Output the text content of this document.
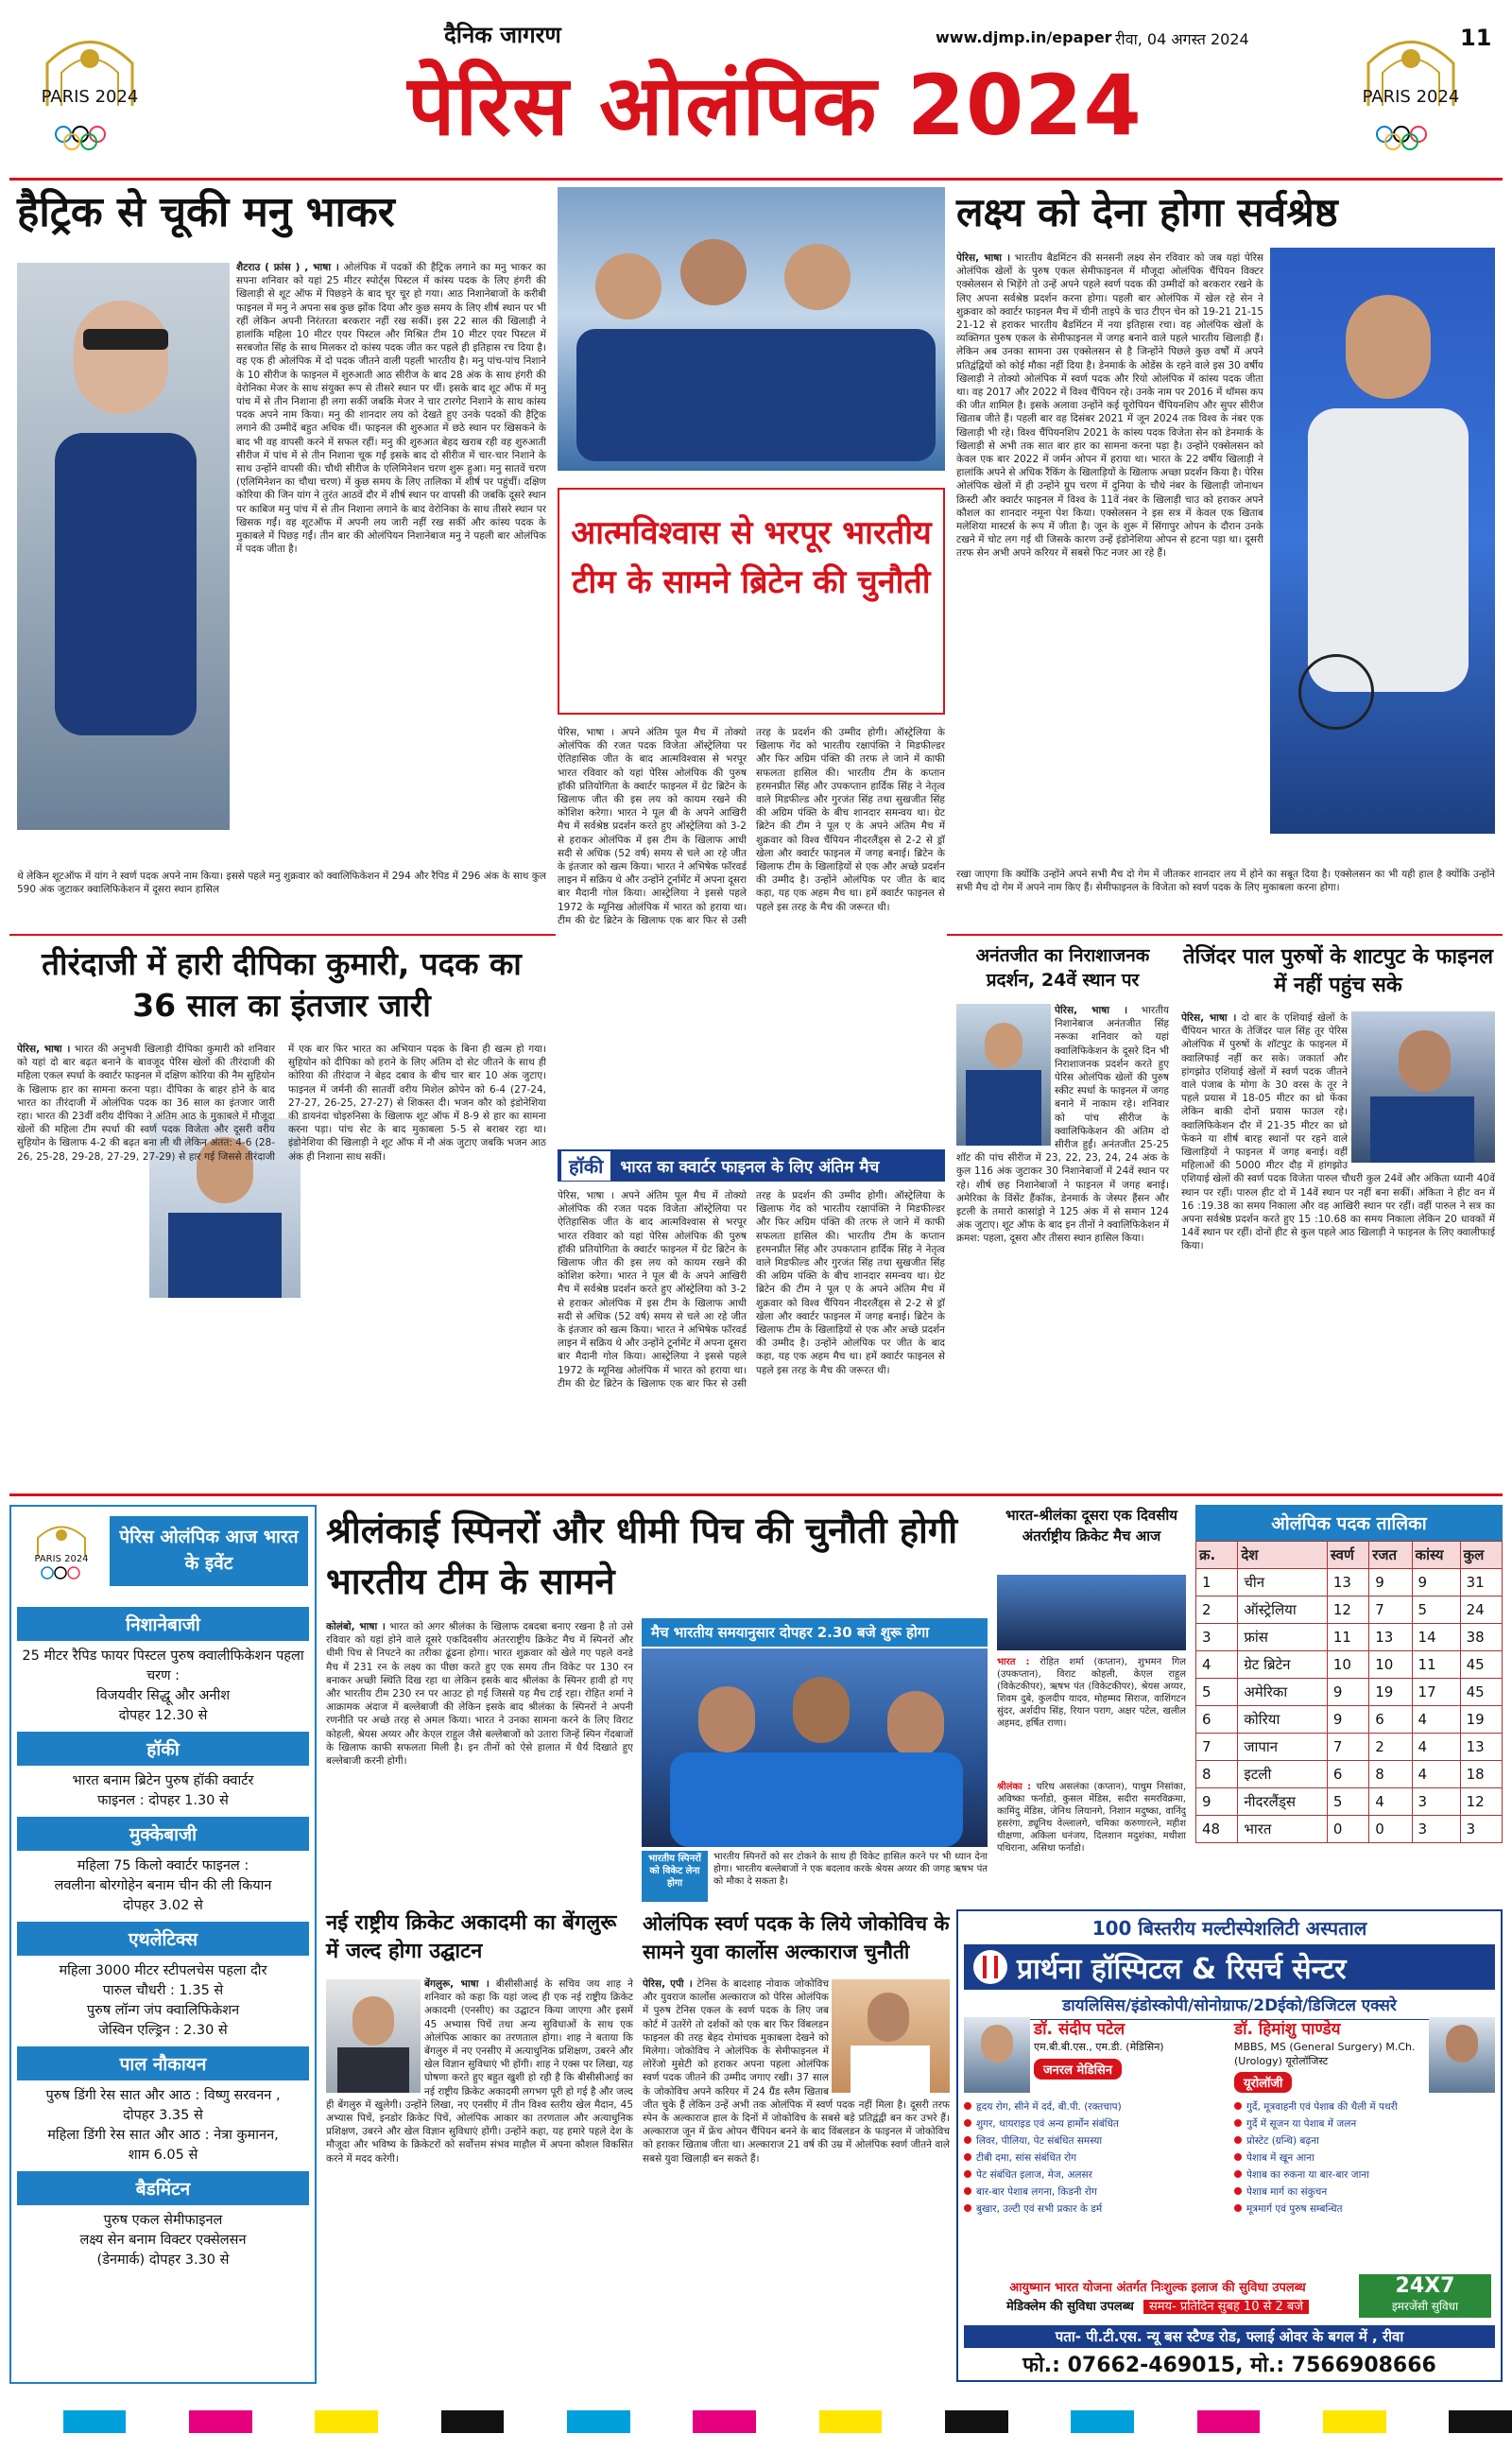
PARIS 2024	PARIS 2024
दैनिक जागरण
पेरिस ओलंपिक 2024
www.djmp.in/epaper रीवा, 04 अगस्त 2024	11
हैट्रिक से चूकी मनु भाकर
शैटराउ ( फ्रांस ) , भाषा । ओलंपिक में पदकों की हैट्रिक लगाने का मनु भाकर का सपना शनिवार को यहां 25 मीटर स्पोर्ट्स पिस्टल में कांस्य पदक के लिए हंगरी की खिलाड़ी से शूट ऑफ में पिछड़ने के बाद चूर चूर हो गया। आठ निशानेबाजों के करीबी फाइनल में मनु ने अपना सब कुछ झोंक दिया और कुछ समय के लिए शीर्ष स्थान पर भी रहीं लेकिन अपनी निरंतरता बरकरार नहीं रख सकीं। इस 22 साल की खिलाड़ी ने हालांकि महिला 10 मीटर एयर पिस्टल और मिश्रित टीम 10 मीटर एयर पिस्टल में सरबजोत सिंह के साथ मिलकर दो कांस्य पदक जीत कर पहले ही इतिहास रच दिया है। वह एक ही ओलंपिक में दो पदक जीतने वाली पहली भारतीय है। मनु पांच-पांच निशाने के 10 सीरीज के फाइनल में शुरुआती आठ सीरीज के बाद 28 अंक के साथ हंगरी की वेरोनिका मेजर के साथ संयुक्त रूप से तीसरे स्थान पर थीं। इसके बाद शूट ऑफ में मनु पांच में से तीन निशाना ही लगा सकीं जबकि मेजर ने चार टारगेट निशाने के साथ कांस्य पदक अपने नाम किया। मनु की शानदार लय को देखते हुए उनके पदकों की हैट्रिक लगाने की उम्मीदें बहुत अधिक थीं। फाइनल की शुरुआत में छठे स्थान पर खिसकने के बाद भी वह वापसी करने में सफल रहीं। मनु की शुरुआत बेहद खराब रही वह शुरुआती सीरीज में पांच में से तीन निशाना चूक गईं इसके बाद दो सीरीज में चार-चार निशाने के साथ उन्होंने वापसी की। चौथी सीरीज के एलिमिनेशन चरण शुरू हुआ। मनु सातवें चरण (एलिमिनेशन का चौथा चरण) में कुछ समय के लिए तालिका में शीर्ष पर पहुंचीं। दक्षिण कोरिया की जिन यांग ने तुरंत आठवें दौर में शीर्ष स्थान पर वापसी की जबकि दूसरे स्थान पर काबिज मनु पांच में से तीन निशाना लगाने के बाद वेरोनिका के साथ तीसरे स्थान पर खिसक गईं। वह शूटऑफ में अपनी लय जारी नहीं रख सकीं और कांस्य पदक के मुकाबले में पिछड़ गईं। तीन बार की ओलंपियन निशानेबाज मनु ने पहली बार ओलंपिक में पदक जीता है।
थे लेकिन शूटऑफ में यांग ने स्वर्ण पदक अपने नाम किया। इससे पहले मनु शुक्रवार को क्वालिफिकेशन में 294 और रैपिड में 296 अंक के साथ कुल 590 अंक जुटाकर क्वालिफिकेशन में दूसरा स्थान हासिल
आत्मविश्वास से भरपूर भारतीय टीम के सामने ब्रिटेन की चुनौती
पेरिस, भाषा । अपने अंतिम पूल मैच में तोक्यो ओलंपिक की रजत पदक विजेता ऑस्ट्रेलिया पर ऐतिहासिक जीत के बाद आत्मविश्वास से भरपूर भारत रविवार को यहां पेरिस ओलंपिक की पुरुष हॉकी प्रतियोगिता के क्वार्टर फाइनल में ग्रेट ब्रिटेन के खिलाफ जीत की इस लय को कायम रखने की कोशिश करेगा। भारत ने पूल बी के अपने आखिरी मैच में सर्वश्रेष्ठ प्रदर्शन करते हुए ऑस्ट्रेलिया को 3-2 से हराकर ओलंपिक में इस टीम के खिलाफ आधी सदी से अधिक (52 वर्ष) समय से चले आ रहे जीत के इंतजार को खत्म किया। भारत ने अभिषेक फॉरवर्ड लाइन में सक्रिय थे और उन्होंने टूर्नामेंट में अपना दूसरा बार मैदानी गोल किया। आस्ट्रेलिया ने इससे पहले 1972 के म्यूनिख ओलंपिक में भारत को हराया था। टीम की ग्रेट ब्रिटेन के खिलाफ एक बार फिर से उसी तरह के प्रदर्शन की उम्मीद होगी। ऑस्ट्रेलिया के खिलाफ गेंद को भारतीय रक्षापंक्ति ने मिडफील्डर और फिर अग्रिम पंक्ति की तरफ ले जाने में काफी सफलता हासिल की। भारतीय टीम के कप्तान हरमनप्रीत सिंह और उपकप्तान हार्दिक सिंह ने नेतृत्व वाले मिडफील्ड और गुरजंत सिंह तथा सुखजीत सिंह की अग्रिम पंक्ति के बीच शानदार समन्वय था। ग्रेट ब्रिटेन की टीम ने पूल ए के अपने अंतिम मैच में शुक्रवार को विश्व चैंपियन नीदरलैंड्स से 2-2 से ड्रॉ खेला और क्वार्टर फाइनल में जगह बनाई। ब्रिटेन के खिलाफ टीम के खिलाड़ियों से एक और अच्छे प्रदर्शन की उम्मीद है। उन्होंने ओलंपिक पर जीत के बाद कहा, यह एक अहम मैच था। हमें क्वार्टर फाइनल से पहले इस तरह के मैच की जरूरत थी।
हॉकी	भारत का क्वार्टर फाइनल के लिए अंतिम मैच
पेरिस, भाषा । अपने अंतिम पूल मैच में तोक्यो ओलंपिक की रजत पदक विजेता ऑस्ट्रेलिया पर ऐतिहासिक जीत के बाद आत्मविश्वास से भरपूर भारत रविवार को यहां पेरिस ओलंपिक की पुरुष हॉकी प्रतियोगिता के क्वार्टर फाइनल में ग्रेट ब्रिटेन के खिलाफ जीत की इस लय को कायम रखने की कोशिश करेगा। भारत ने पूल बी के अपने आखिरी मैच में सर्वश्रेष्ठ प्रदर्शन करते हुए ऑस्ट्रेलिया को 3-2 से हराकर ओलंपिक में इस टीम के खिलाफ आधी सदी से अधिक (52 वर्ष) समय से चले आ रहे जीत के इंतजार को खत्म किया। भारत ने अभिषेक फॉरवर्ड लाइन में सक्रिय थे और उन्होंने टूर्नामेंट में अपना दूसरा बार मैदानी गोल किया। आस्ट्रेलिया ने इससे पहले 1972 के म्यूनिख ओलंपिक में भारत को हराया था। टीम की ग्रेट ब्रिटेन के खिलाफ एक बार फिर से उसी तरह के प्रदर्शन की उम्मीद होगी। ऑस्ट्रेलिया के खिलाफ गेंद को भारतीय रक्षापंक्ति ने मिडफील्डर और फिर अग्रिम पंक्ति की तरफ ले जाने में काफी सफलता हासिल की। भारतीय टीम के कप्तान हरमनप्रीत सिंह और उपकप्तान हार्दिक सिंह ने नेतृत्व वाले मिडफील्ड और गुरजंत सिंह तथा सुखजीत सिंह की अग्रिम पंक्ति के बीच शानदार समन्वय था। ग्रेट ब्रिटेन की टीम ने पूल ए के अपने अंतिम मैच में शुक्रवार को विश्व चैंपियन नीदरलैंड्स से 2-2 से ड्रॉ खेला और क्वार्टर फाइनल में जगह बनाई। ब्रिटेन के खिलाफ टीम के खिलाड़ियों से एक और अच्छे प्रदर्शन की उम्मीद है। उन्होंने ओलंपिक पर जीत के बाद कहा, यह एक अहम मैच था। हमें क्वार्टर फाइनल से पहले इस तरह के मैच की जरूरत थी।
लक्ष्य को देना होगा सर्वश्रेष्ठ
पेरिस, भाषा । भारतीय बैडमिंटन की सनसनी लक्ष्य सेन रविवार को जब यहां पेरिस ओलंपिक खेलों के पुरुष एकल सेमीफाइनल में मौजूदा ओलंपिक चैंपियन विक्टर एक्सेलसन से भिड़ेंगे तो उन्हें अपने पहले स्वर्ण पदक की उम्मीदों को बरकरार रखने के लिए अपना सर्वश्रेष्ठ प्रदर्शन करना होगा। पहली बार ओलंपिक में खेल रहे सेन ने शुक्रवार को क्वार्टर फाइनल मैच में चीनी ताइपे के चाउ टीएन चेन को 19-21 21-15 21-12 से हराकर भारतीय बैडमिंटन में नया इतिहास रचा। वह ओलंपिक खेलों के व्यक्तिगत पुरुष एकल के सेमीफाइनल में जगह बनाने वाले पहले भारतीय खिलाड़ी हैं। लेकिन अब उनका सामना उस एक्सेलसन से है जिन्होंने पिछले कुछ वर्षों में अपने प्रतिद्वंद्वियों को कोई मौका नहीं दिया है। डेनमार्क के ओडेंस के रहने वाले इस 30 वर्षीय खिलाड़ी ने तोक्यो ओलंपिक में स्वर्ण पदक और रियो ओलंपिक में कांस्य पदक जीता था। वह 2017 और 2022 में विश्व चैंपियन रहे। उनके नाम पर 2016 में थॉमस कप की जीत शामिल है। इसके अलावा उन्होंने कई यूरोपियन चैंपियनशिप और सुपर सीरीज खिताब जीते हैं। पहली बार वह दिसंबर 2021 में जून 2024 तक विश्व के नंबर एक खिलाड़ी भी रहे। विश्व चैंपियनशिप 2021 के कांस्य पदक विजेता सेन को डेनमार्क के खिलाड़ी से अभी तक सात बार हार का सामना करना पड़ा है। उन्होंने एक्सेलसन को केवल एक बार 2022 में जर्मन ओपन में हराया था। भारत के 22 वर्षीय खिलाड़ी ने हालांकि अपने से अधिक रैंकिंग के खिलाड़ियों के खिलाफ अच्छा प्रदर्शन किया है। पेरिस ओलंपिक खेलों में ही उन्होंने ग्रुप चरण में दुनिया के चौथे नंबर के खिलाड़ी जोनाथन क्रिस्टी और क्वार्टर फाइनल में विश्व के 11वें नंबर के खिलाड़ी चाउ को हराकर अपने कौशल का शानदार नमूना पेश किया। एक्सेलसन ने इस सत्र में केवल एक खिताब मलेशिया मास्टर्स के रूप में जीता है। जून के शुरू में सिंगापुर ओपन के दौरान उनके टखने में चोट लग गई थी जिसके कारण उन्हें इंडोनेशिया ओपन से हटना पड़ा था। दूसरी तरफ सेन अभी अपने करियर में सबसे फिट नजर आ रहे हैं।
रखा जाएगा कि क्योंकि उन्होंने अपने सभी मैच दो गेम में जीतकर शानदार लय में होने का सबूत दिया है। एक्सेलसन का भी यही हाल है क्योंकि उन्होंने सभी मैच दो गेम में अपने नाम किए हैं। सेमीफाइनल के विजेता को स्वर्ण पदक के लिए मुकाबला करना होगा।
तीरंदाजी में हारी दीपिका कुमारी, पदक का 36 साल का इंतजार जारी
पेरिस, भाषा । भारत की अनुभवी खिलाड़ी दीपिका कुमारी को शनिवार को यहां दो बार बढ़त बनाने के बावजूद पेरिस खेलों की तीरंदाजी की महिला एकल स्पर्धा के क्वार्टर फाइनल में दक्षिण कोरिया की नैम सुहियोन के खिलाफ हार का सामना करना पड़ा। दीपिका के बाहर होने के बाद भारत का तीरंदाजी में ओलंपिक पदक का 36 साल का इंतजार जारी रहा। भारत की 23वीं वरीय दीपिका ने अंतिम आठ के मुकाबले में मौजूदा खेलों की महिला टीम स्पर्धा की स्वर्ण पदक विजेता और दूसरी वरीय सुहियोन के खिलाफ 4-2 की बढ़त बना ली थी लेकिन अंतत: 4-6 (28-26, 25-28, 29-28, 27-29, 27-29) से हार गई जिससे तीरंदाजी में एक बार फिर भारत का अभियान पदक के बिना ही खत्म हो गया। सुहियोन को दीपिका को हराने के लिए अंतिम दो सेट जीतने के साथ ही कोरिया की तीरंदाज ने बेहद दबाव के बीच चार बार 10 अंक जुटाए। फाइनल में जर्मनी की सातवीं वरीय मिशेल क्रोपेन को 6-4 (27-24, 27-27, 26-25, 27-27) से शिकस्त दी। भजन कौर को इंडोनेशिया की डायनंदा चोइरुनिसा के खिलाफ शूट ऑफ में 8-9 से हार का सामना करना पड़ा। पांच सेट के बाद मुकाबला 5-5 से बराबर रहा था। इंडोनेशिया की खिलाड़ी ने शूट ऑफ में नौ अंक जुटाए जबकि भजन आठ अंक ही निशाना साध सकीं।
अनंतजीत का निराशाजनक प्रदर्शन, 24वें स्थान पर
पेरिस, भाषा । भारतीय निशानेबाज अनंतजीत सिंह नरूका शनिवार को यहां क्वालिफिकेशन के दूसरे दिन भी निराशाजनक प्रदर्शन करते हुए पेरिस ओलंपिक खेलों की पुरुष स्कीट स्पर्धा के फाइनल में जगह बनाने में नाकाम रहे। शनिवार को पांच सीरीज के क्वालिफिकेशन की अंतिम दो सीरीज हुईं। अनंतजीत 25-25 शॉट की पांच सीरीज में 23, 22, 23, 24, 24 अंक के कुल 116 अंक जुटाकर 30 निशानेबाजों में 24वें स्थान पर रहे। शीर्ष छह निशानेबाजों ने फाइनल में जगह बनाई। अमेरिका के विंसेंट हैंकॉक, डेनमार्क के जेस्पर हैंसन और इटली के तमारो कासांड्रो ने 125 अंक में से समान 124 अंक जुटाए। शूट ऑफ के बाद इन तीनों ने क्वालिफिकेशन में क्रमश: पहला, दूसरा और तीसरा स्थान हासिल किया।
तेजिंदर पाल पुरुषों के शाटपुट के फाइनल में नहीं पहुंच सके
पेरिस, भाषा । दो बार के एशियाई खेलों के चैंपियन भारत के तेजिंदर पाल सिंह तूर पेरिस ओलंपिक में पुरुषों के शॉटपुट के फाइनल में क्वालिफाई नहीं कर सके। जकार्ता और हांगझोउ एशियाई खेलों में स्वर्ण पदक जीतने वाले पंजाब के मोगा के 30 वरस के तूर ने पहले प्रयास में 18-05 मीटर का थ्रो फेंका लेकिन बाकी दोनों प्रयास फाउल रहे। क्वालिफिकेशन दौर में 21-35 मीटर का थ्रो फेंकने या शीर्ष बारह स्थानों पर रहने वाले खिलाड़ियों ने फाइनल में जगह बनाई। वहीं महिलाओं की 5000 मीटर दौड़ में हांगझोउ एशियाई खेलों की स्वर्ण पदक विजेता पारुल चौधरी कुल 24वें और अंकिता ध्यानी 40वें स्थान पर रहीं। पारुल हीट दो में 14वें स्थान पर नहीं बना सकीं। अंकिता ने हीट वन में 16 :19.38 का समय निकाला और वह आखिरी स्थान पर रहीं। वहीं पारुल ने सत्र का अपना सर्वश्रेष्ठ प्रदर्शन करते हुए 15 :10.68 का समय निकाला लेकिन 20 धावकों में 14वें स्थान पर रहीं। दोनों हीट से कुल पहले आठ खिलाड़ी ने फाइनल के लिए क्वालीफाई किया।
PARIS 2024
पेरिस ओलंपिक आज भारत के इवेंट
निशानेबाजी
25 मीटर रैपिड फायर पिस्टल पुरुष क्वालीफिकेशन पहला चरण :
विजयवीर सिद्धू और अनीश
दोपहर 12.30 से
हॉकी
भारत बनाम ब्रिटेन पुरुष हॉकी क्वार्टर
फाइनल : दोपहर 1.30 से
मुक्केबाजी
महिला 75 किलो क्वार्टर फाइनल :
लवलीना बोरगोहेन बनाम चीन की ली कियान
दोपहर 3.02 से
एथलेटिक्स
महिला 3000 मीटर स्टीपलचेस पहला दौर
पारुल चौधरी : 1.35 से
पुरुष लॉन्ग जंप क्वालिफिकेशन
जेस्विन एल्ड्रिन : 2.30 से
पाल नौकायन
पुरुष डिंगी रेस सात और आठ : विष्णु सरवनन ,
दोपहर 3.35 से
महिला डिंगी रेस सात और आठ : नेत्रा कुमानन,
शाम 6.05 से
बैडमिंटन
पुरुष एकल सेमीफाइनल
लक्ष्य सेन बनाम विक्टर एक्सेलसन
(डेनमार्क) दोपहर 3.30 से
श्रीलंकाई स्पिनरों और धीमी पिच की चुनौती होगी भारतीय टीम के सामने
कोलंबो, भाषा । भारत को अगर श्रीलंका के खिलाफ दबदबा बनाए रखना है तो उसे रविवार को यहां होने वाले दूसरे एकदिवसीय अंतरराष्ट्रीय क्रिकेट मैच में स्पिनरों और धीमी पिच से निपटने का तरीका ढूंढना होगा। भारत शुक्रवार को खेले गए पहले वनडे मैच में 231 रन के लक्ष्य का पीछा करते हुए एक समय तीन विकेट पर 130 रन बनाकर अच्छी स्थिति दिख रहा था लेकिन इसके बाद श्रीलंका के स्पिनर हावी हो गए और भारतीय टीम 230 रन पर आउट हो गई जिससे यह मैच टाई रहा। रोहित शर्मा ने आक्रामक अंदाज में बल्लेबाजी की लेकिन इसके बाद श्रीलंका के स्पिनरों ने अपनी रणनीति पर अच्छे तरह से अमल किया। भारत ने उनका सामना करने के लिए विराट कोहली, श्रेयस अय्यर और केएल राहुल जैसे बल्लेबाजों को उतारा जिन्हें स्पिन गेंदबाजों के खिलाफ काफी सफलता मिली है। इन तीनों को ऐसे हालात में धैर्य दिखाते हुए बल्लेबाजी करनी होगी।
मैच भारतीय समयानुसार दोपहर 2.30 बजे शुरू होगा
भारतीय स्पिनरों को विकेट लेना होगा
भारतीय स्पिनरों को सर टोकने के साथ ही विकेट हासिल करने पर भी ध्यान देना होगा। भारतीय बल्लेबाजों ने एक बदलाव करके श्रेयस अय्यर की जगह ऋषभ पंत को मौका दे सकता है।
भारत-श्रीलंका दूसरा एक दिवसीय अंतर्राष्ट्रीय क्रिकेट मैच आज
भारत : रोहित शर्मा (कप्तान), शुभमन गिल (उपकप्तान), विराट कोहली, केएल राहुल (विकेटकीपर), ऋषभ पंत (विकेटकीपर), श्रेयस अय्यर, शिवम दुबे, कुलदीप यादव, मोहम्मद सिराज, वाशिंगटन सुंदर, अर्शदीप सिंह, रियान पराग, अक्षर पटेल, खलील अहमद, हर्षित राणा।
श्रीलंका : चरिथ असलंका (कप्तान), पाथुम निसांका, अविष्का फर्नांडो, कुसल मेंडिस, सदीरा समरविक्रमा, कामिंदु मेंडिस, जेनिथ लियानगे, निशान मदुष्का, वानिंदु हसरंगा, ड्यूनिथ वेल्लालगे, चमिका करुणारत्ने, महीश थीक्षणा, अकिला धनंजय, दिलशान मदुशंका, मथीशा पथिराना, असिथा फर्नांडो।
ओलंपिक पदक तालिका
क्र.	देश	स्वर्ण	रजत	कांस्य	कुल
1	चीन	13	9	9	31
2	ऑस्ट्रेलिया	12	7	5	24
3	फ्रांस	11	13	14	38
4	ग्रेट ब्रिटेन	10	10	11	45
5	अमेरिका	9	19	17	45
6	कोरिया	9	6	4	19
7	जापान	7	2	4	13
8	इटली	6	8	4	18
9	नीदरलैंड्स	5	4	3	12
48	भारत	0	0	3	3
नई राष्ट्रीय क्रिकेट अकादमी का बेंगलुरू में जल्द होगा उद्घाटन
बेंगलुरू, भाषा । बीसीसीआई के सचिव जय शाह ने शनिवार को कहा कि यहां जल्द ही एक नई राष्ट्रीय क्रिकेट अकादमी (एनसीए) का उद्घाटन किया जाएगा और इसमें 45 अभ्यास पिचें तथा अन्य सुविधाओं के साथ एक ओलंपिक आकार का तरणताल होगा। शाह ने बताया कि बेंगलुरु में नए एनसीए में अत्याधुनिक प्रशिक्षण, उबरने और खेल विज्ञान सुविधाएं भी होंगी। शाह ने एक्स पर लिखा, यह घोषणा करते हुए बहुत खुशी हो रही है कि बीसीसीआई का नई राष्ट्रीय क्रिकेट अकादमी लगभग पूरी हो गई है और जल्द ही बेंगलुरु में खुलेगी। उन्होंने लिखा, नए एनसीए में तीन विश्व स्तरीय खेल मैदान, 45 अभ्यास पिचें, इनडोर क्रिकेट पिचें, ओलंपिक आकार का तरणताल और अत्याधुनिक प्रशिक्षण, उबरने और खेल विज्ञान सुविधाएं होंगी। उन्होंने कहा, यह हमारे पहले देश के मौजूदा और भविष्य के क्रिकेटरों को सर्वोत्तम संभव माहौल में अपना कौशल विकसित करने में मदद करेगी।
ओलंपिक स्वर्ण पदक के लिये जोकोविच के सामने युवा कार्लोस अल्काराज चुनौती
पेरिस, एपी । टेनिस के बादशाह नोवाक जोकोविच और युवराज कार्लोस अल्काराज को पेरिस ओलंपिक में पुरुष टेनिस एकल के स्वर्ण पदक के लिए जब कोर्ट में उतरेंगे तो दर्शकों को एक बार फिर विंबलडन फाइनल की तरह बेहद रोमांचक मुकाबला देखने को मिलेगा। जोकोविच ने ओलंपिक के सेमीफाइनल में लोरेंजो मुसेटी को हराकर अपना पहला ओलंपिक स्वर्ण पदक जीतने की उम्मीद जगाए रखी। 37 साल के जोकोविच अपने करियर में 24 ग्रैंड स्लैम खिताब जीत चुके हैं लेकिन उन्हें अभी तक ओलंपिक में स्वर्ण पदक नहीं मिला है। दूसरी तरफ स्पेन के अल्काराज हाल के दिनों में जोकोविच के सबसे बड़े प्रतिद्वंद्वी बन कर उभरे हैं। अल्काराज जून में फ्रेंच ओपन चैंपियन बनने के बाद विंबलडन के फाइनल में जोकोविच को हराकर खिताब जीता था। अल्काराज 21 वर्ष की उम्र में ओलंपिक स्वर्ण जीतने वाले सबसे युवा खिलाड़ी बन सकते हैं।
100 बिस्तरीय मल्टीस्पेशलिटी अस्पताल
प्रार्थना हॉस्पिटल & रिसर्च सेन्टर
डायलिसिस/इंडोस्कोपी/सोनोग्राफ/2Dईको/डिजिटल एक्सरे
डॉ. संदीप पटेल
एम.बी.बी.एस., एम.डी. (मेडिसिन)
जनरल मेडिसिन
हृदय रोग, सीने में दर्द, बी.पी. (रक्तचाप)
शुगर, थायराइड एवं अन्य हार्मोन संबंधित
लिवर, पीलिया, पेट संबंधित समस्या
टीबी दमा, सांस संबंधित रोग
पेट संबंधित इलाज, मेज, अलसर
बार-बार पेशाब लगना, किडनी रोग
बुखार, उल्टी एवं सभी प्रकार के डर्म
डॉ. हिमांशु पाण्डेय
MBBS, MS (General Surgery) M.Ch. (Urology) यूरोलॉजिस्ट
यूरोलॉजी
गुर्दे, मूत्रवाहनी एवं पेशाब की थैली में पथरी
गुर्दे में सूजन या पेशाब में जलन
प्रोस्टेट (ग्रन्थि) बढ़ना
पेशाब में खून आना
पेशाब का रुकना या बार-बार जाना
पेशाब मार्ग का संकुचन
मूत्रमार्ग एवं पुरुष सम्बन्धित
आयुष्मान भारत योजना अंतर्गत निःशुल्क इलाज की सुविधा उपलब्ध
मेडिक्लेम की सुविधा उपलब्ध समय- प्रतिदिन सुबह 10 से 2 बजे
24X7
इमरजेंसी सुविधा
पता- पी.टी.एस. न्यू बस स्टैण्ड रोड, फ्लाई ओवर के बगल में , रीवा
फो.: 07662-469015, मो.: 7566908666
